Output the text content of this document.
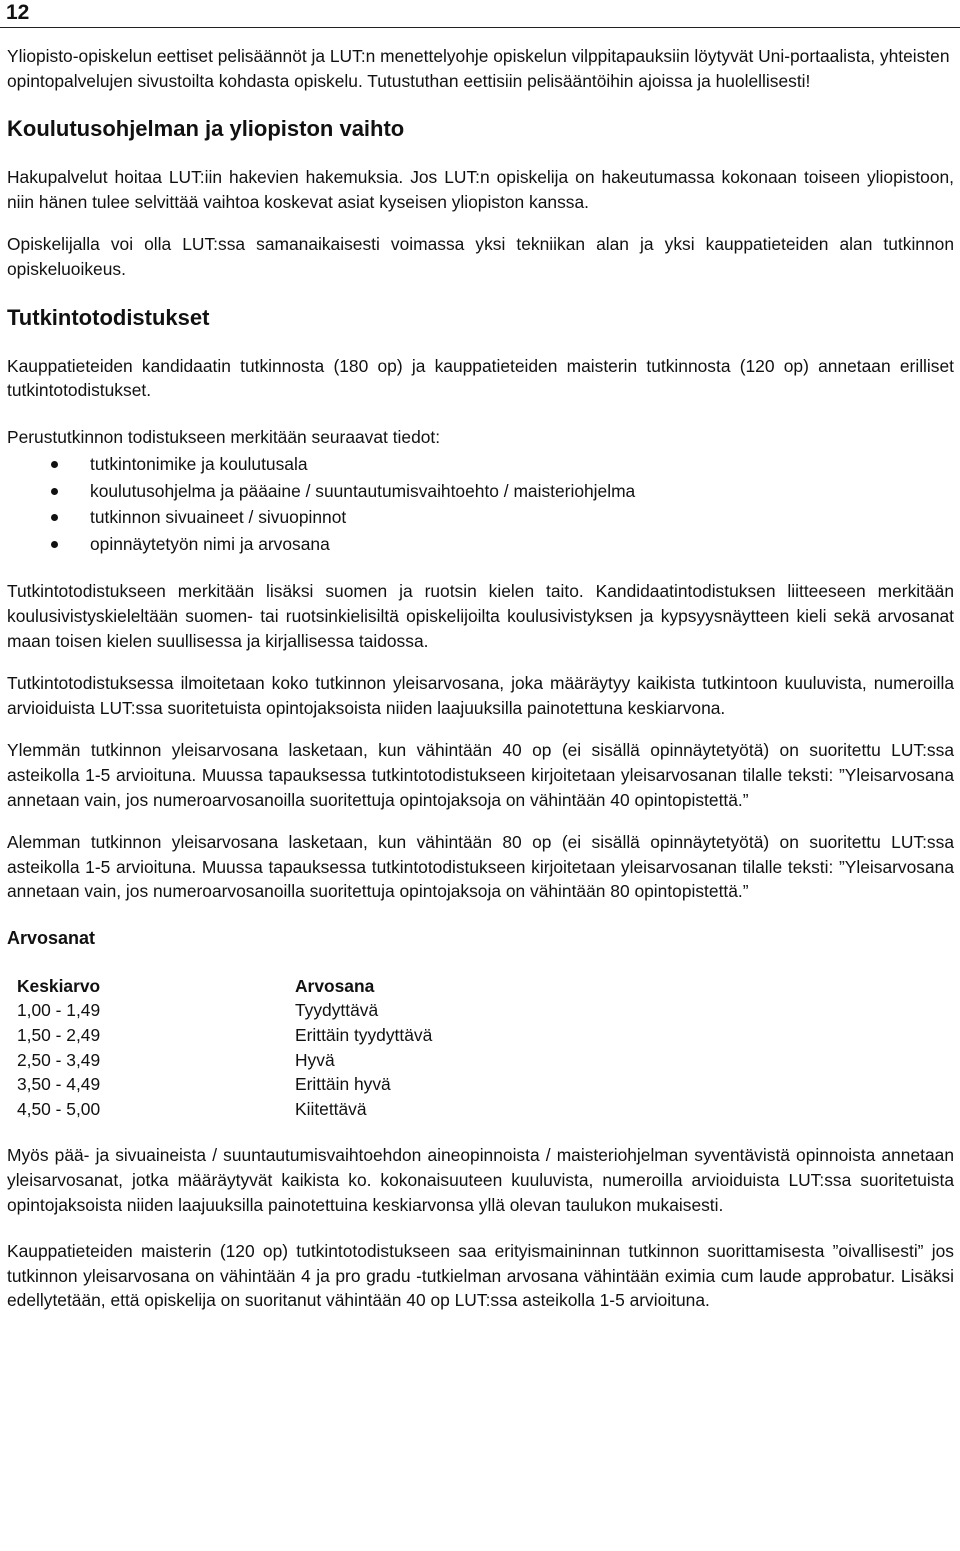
12

Yliopisto-opiskelun eettiset pelisäännöt ja LUT:n menettelyohje opiskelun vilppitapauksiin löytyvät Uni-portaalista, yhteisten opintopalvelujen sivustoilta kohdasta opiskelu. Tutustuthan eettisiin pelisääntöihin ajoissa ja huolellisesti!

Koulutusohjelman ja yliopiston vaihto

Hakupalvelut hoitaa LUT:iin hakevien hakemuksia. Jos LUT:n opiskelija on hakeutumassa kokonaan toiseen yliopistoon, niin hänen tulee selvittää vaihtoa koskevat asiat kyseisen yliopiston kanssa.

Opiskelijalla voi olla LUT:ssa samanaikaisesti voimassa yksi tekniikan alan ja yksi kauppatieteiden alan tutkinnon opiskeluoikeus.

Tutkintotodistukset

Kauppatieteiden kandidaatin tutkinnosta (180 op) ja kauppatieteiden maisterin tutkinnosta (120 op) annetaan erilliset tutkintotodistukset.

Perustutkinnon todistukseen merkitään seuraavat tiedot:

tutkintonimike ja koulutusala
koulutusohjelma ja pääaine / suuntautumisvaihtoehto / maisteriohjelma
tutkinnon sivuaineet / sivuopinnot
opinnäytetyön nimi ja arvosana

Tutkintotodistukseen merkitään lisäksi suomen ja ruotsin kielen taito. Kandidaatintodistuksen liitteeseen merkitään koulusivistyskieleltään suomen- tai ruotsinkielisiltä opiskelijoilta koulusivistyksen ja kypsyysnäytteen kieli sekä arvosanat maan toisen kielen suullisessa ja kirjallisessa taidossa.

Tutkintotodistuksessa ilmoitetaan koko tutkinnon yleisarvosana, joka määräytyy kaikista tutkintoon kuuluvista, numeroilla arvioiduista LUT:ssa suoritetuista opintojaksoista niiden laajuuksilla painotettuna keskiarvona.

Ylemmän tutkinnon yleisarvosana lasketaan, kun vähintään 40 op (ei sisällä opinnäytetyötä) on suoritettu LUT:ssa asteikolla 1-5 arvioituna. Muussa tapauksessa tutkintotodistukseen kirjoitetaan yleisarvosanan tilalle teksti: ”Yleisarvosana annetaan vain, jos numeroarvosanoilla suoritettuja opintojaksoja on vähintään 40 opintopistettä.”

Alemman tutkinnon yleisarvosana lasketaan, kun vähintään 80 op (ei sisällä opinnäytetyötä) on suoritettu LUT:ssa asteikolla 1-5 arvioituna. Muussa tapauksessa tutkintotodistukseen kirjoitetaan yleisarvosanan tilalle teksti: ”Yleisarvosana annetaan vain, jos numeroarvosanoilla suoritettuja opintojaksoja on vähintään 80 opintopistettä.”

Arvosanat
Keskiarvo	Arvosana
1,00 - 1,49	Tyydyttävä
1,50 - 2,49	Erittäin tyydyttävä
2,50 - 3,49	Hyvä
3,50 - 4,49	Erittäin hyvä
4,50 - 5,00	Kiitettävä

Myös pää- ja sivuaineista / suuntautumisvaihtoehdon aineopinnoista / maisteriohjelman syventävistä opinnoista annetaan yleisarvosanat, jotka määräytyvät kaikista ko. kokonaisuuteen kuuluvista, numeroilla arvioiduista LUT:ssa suoritetuista opintojaksoista niiden laajuuksilla painotettuina keskiarvonsa yllä olevan taulukon mukaisesti.

Kauppatieteiden maisterin (120 op) tutkintotodistukseen saa erityismaininnan tutkinnon suorittamisesta ”oivallisesti” jos tutkinnon yleisarvosana on vähintään 4 ja pro gradu -tutkielman arvosana vähintään eximia cum laude approbatur. Lisäksi edellytetään, että opiskelija on suoritanut vähintään 40 op LUT:ssa asteikolla 1-5 arvioituna.
